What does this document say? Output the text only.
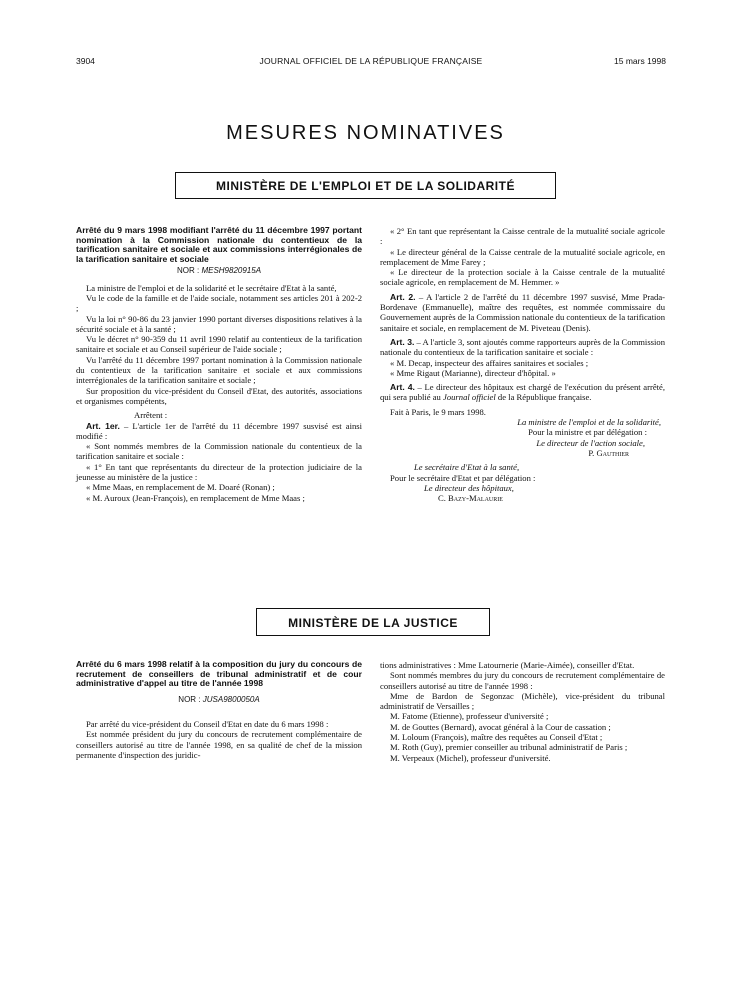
3904	JOURNAL OFFICIEL DE LA RÉPUBLIQUE FRANÇAISE	15 mars 1998
MESURES NOMINATIVES
MINISTÈRE DE L'EMPLOI ET DE LA SOLIDARITÉ

Arrêté du 9 mars 1998 modifiant l'arrêté du 11 décembre 1997 portant nomination à la Commission nationale du contentieux de la tarification sanitaire et sociale et aux commissions interrégionales de la tarification sanitaire et sociale

NOR : MESH9820915A

La ministre de l'emploi et de la solidarité et le secrétaire d'Etat à la santé,

Vu le code de la famille et de l'aide sociale, notamment ses articles 201 à 202-2 ;

Vu la loi n° 90-86 du 23 janvier 1990 portant diverses dispositions relatives à la sécurité sociale et à la santé ;

Vu le décret n° 90-359 du 11 avril 1990 relatif au contentieux de la tarification sanitaire et sociale et au Conseil supérieur de l'aide sociale ;

Vu l'arrêté du 11 décembre 1997 portant nomination à la Commission nationale du contentieux de la tarification sanitaire et sociale et aux commissions interrégionales de la tarification sanitaire et sociale ;

Sur proposition du vice-président du Conseil d'Etat, des autorités, associations et organismes compétents,

Arrêtent :

Art. 1er. – L'article 1er de l'arrêté du 11 décembre 1997 susvisé est ainsi modifié :

« Sont nommés membres de la Commission nationale du contentieux de la tarification sanitaire et sociale :

« 1° En tant que représentants du directeur de la protection judiciaire de la jeunesse au ministère de la justice :

« Mme Maas, en remplacement de M. Doaré (Ronan) ;

« M. Auroux (Jean-François), en remplacement de Mme Maas ;

« 2° En tant que représentant la Caisse centrale de la mutualité sociale agricole :

« Le directeur général de la Caisse centrale de la mutualité sociale agricole, en remplacement de Mme Farey ;

« Le directeur de la protection sociale à la Caisse centrale de la mutualité sociale agricole, en remplacement de M. Hemmer. »

Art. 2. – A l'article 2 de l'arrêté du 11 décembre 1997 susvisé, Mme Prada-Bordenave (Emmanuelle), maître des requêtes, est nommée commissaire du Gouvernement auprès de la Commission nationale du contentieux de la tarification sanitaire et sociale, en remplacement de M. Piveteau (Denis).

Art. 3. – A l'article 3, sont ajoutés comme rapporteurs auprès de la Commission nationale du contentieux de la tarification sanitaire et sociale :

« M. Decap, inspecteur des affaires sanitaires et sociales ;

« Mme Rigaut (Marianne), directeur d'hôpital. »

Art. 4. – Le directeur des hôpitaux est chargé de l'exécution du présent arrêté, qui sera publié au Journal officiel de la République française.

Fait à Paris, le 9 mars 1998.

La ministre de l'emploi et de la solidarité,

Pour la ministre et par délégation :

Le directeur de l'action sociale,

P. Gauthier

Le secrétaire d'Etat à la santé,

Pour le secrétaire d'Etat et par délégation :

Le directeur des hôpitaux,

C. Bazy-Malaurie

MINISTÈRE DE LA JUSTICE

Arrêté du 6 mars 1998 relatif à la composition du jury du concours de recrutement de conseillers de tribunal administratif et de cour administrative d'appel au titre de l'année 1998

NOR : JUSA9800050A

Par arrêté du vice-président du Conseil d'Etat en date du 6 mars 1998 :

Est nommée président du jury du concours de recrutement complémentaire de conseillers autorisé au titre de l'année 1998, en sa qualité de chef de la mission permanente d'inspection des juridic-

tions administratives : Mme Latournerie (Marie-Aimée), conseiller d'Etat.

Sont nommés membres du jury du concours de recrutement complémentaire de conseillers autorisé au titre de l'année 1998 :

Mme de Bardon de Segonzac (Michèle), vice-président du tribunal administratif de Versailles ;

M. Fatome (Etienne), professeur d'université ;

M. de Gouttes (Bernard), avocat général à la Cour de cassation ;

M. Loloum (François), maître des requêtes au Conseil d'Etat ;

M. Roth (Guy), premier conseiller au tribunal administratif de Paris ;

M. Verpeaux (Michel), professeur d'université.
